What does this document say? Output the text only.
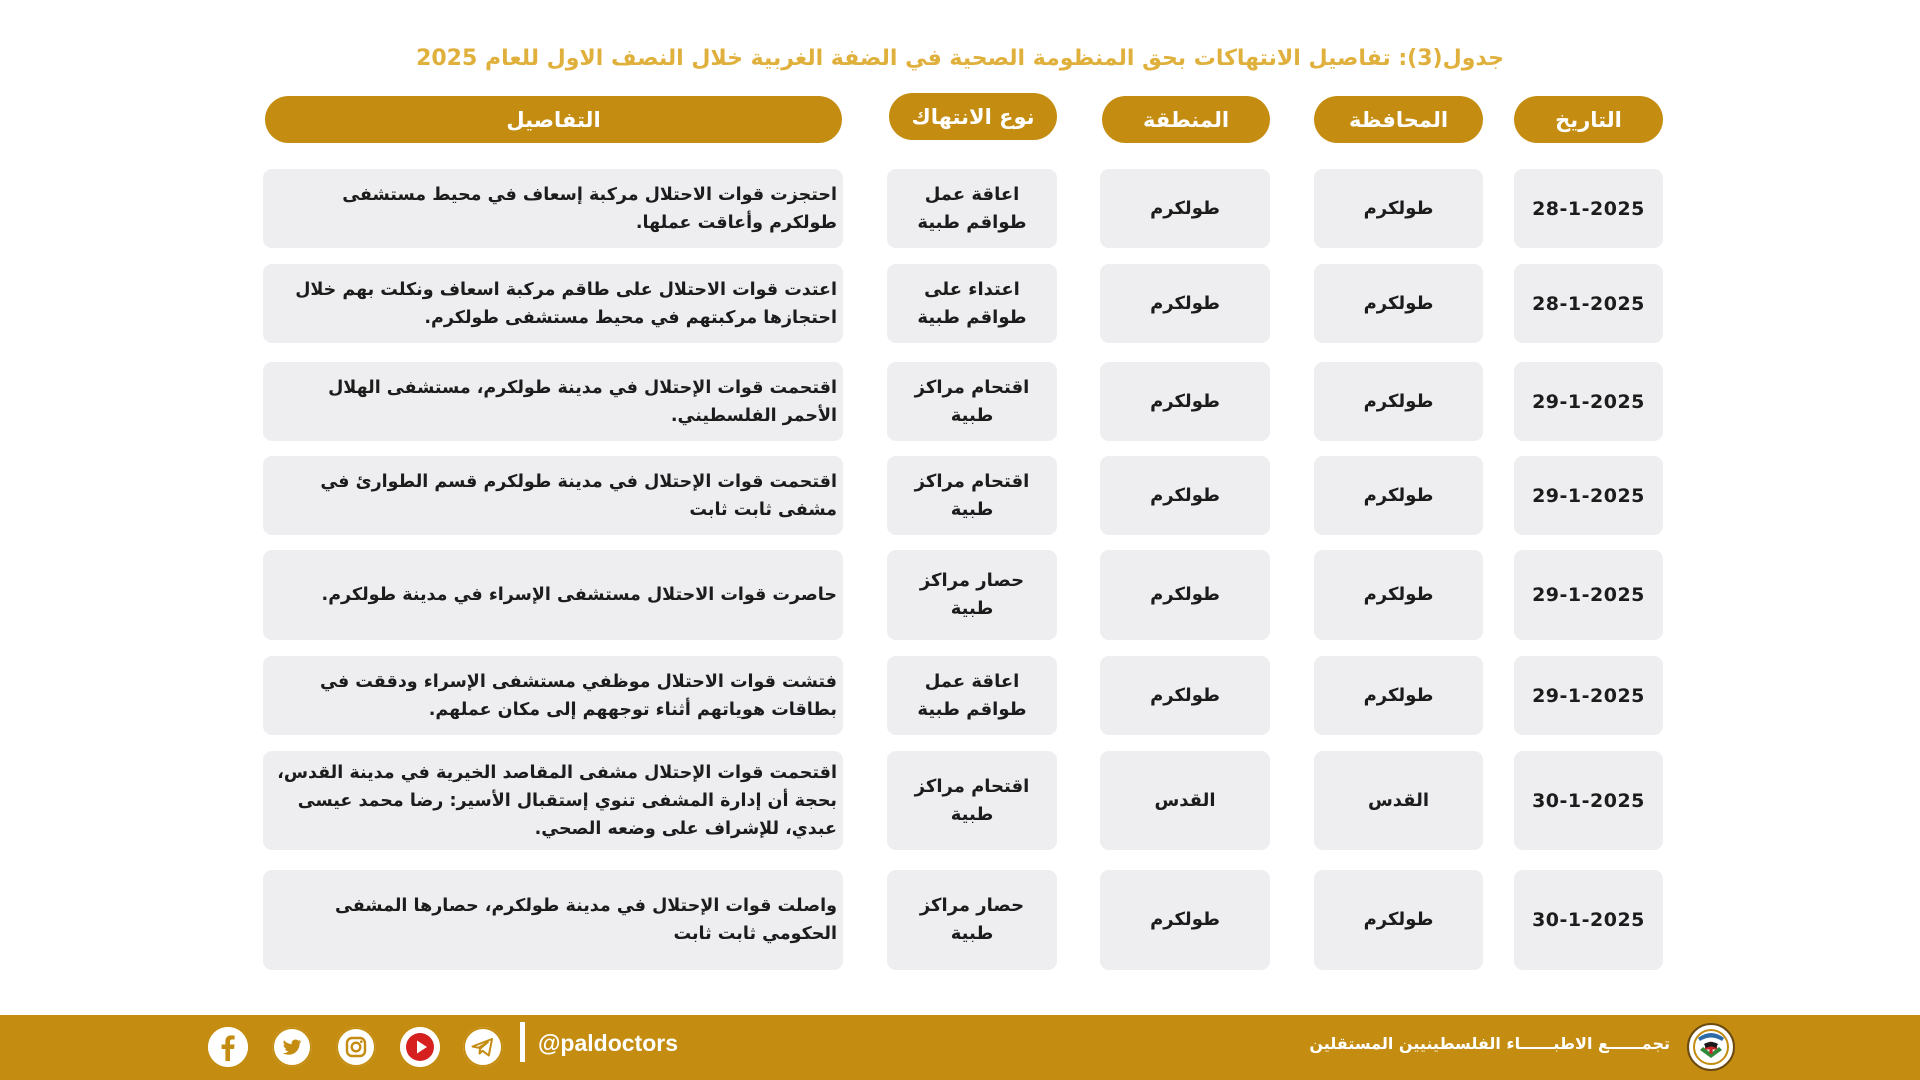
جدول(3): تفاصيل الانتهاكات بحق المنظومة الصحية في الضفة الغربية خلال النصف الاول للعام 2025
التاريخ
المحافظة
المنطقة
نوع الانتهاك
التفاصيل
28-1-2025
طولكرم
طولكرم
اعاقة عمل طواقم طبية
احتجزت قوات الاحتلال مركبة إسعاف في محيط مستشفى طولكرم وأعاقت عملها.
28-1-2025
طولكرم
طولكرم
اعتداء على طواقم طبية
اعتدت قوات الاحتلال على طاقم مركبة اسعاف ونكلت بهم خلال احتجازها مركبتهم في محيط مستشفى طولكرم.
29-1-2025
طولكرم
طولكرم
اقتحام مراكز طبية
اقتحمت قوات الإحتلال في مدينة طولكرم، مستشفى الهلال الأحمر الفلسطيني.
29-1-2025
طولكرم
طولكرم
اقتحام مراكز طبية
اقتحمت قوات الإحتلال في مدينة طولكرم قسم الطوارئ في مشفى ثابت ثابت
29-1-2025
طولكرم
طولكرم
حصار مراكز طبية
حاصرت قوات الاحتلال مستشفى الإسراء في مدينة طولكرم.
29-1-2025
طولكرم
طولكرم
اعاقة عمل طواقم طبية
فتشت قوات الاحتلال موظفي مستشفى الإسراء ودققت في بطاقات هوياتهم أثناء توجههم إلى مكان عملهم.
30-1-2025
القدس
القدس
اقتحام مراكز طبية
اقتحمت قوات الإحتلال مشفى المقاصد الخيرية في مدينة القدس، بحجة أن إدارة المشفى تنوي إستقبال الأسير: رضا محمد عيسى عبدي، للإشراف على وضعه الصحي.
30-1-2025
طولكرم
طولكرم
حصار مراكز طبية
واصلت قوات الإحتلال في مدينة طولكرم، حصارها المشفى الحكومي ثابت ثابت
@paldoctors	تجمــــــع الاطبــــــاء الفلسطينيين المستقلين
